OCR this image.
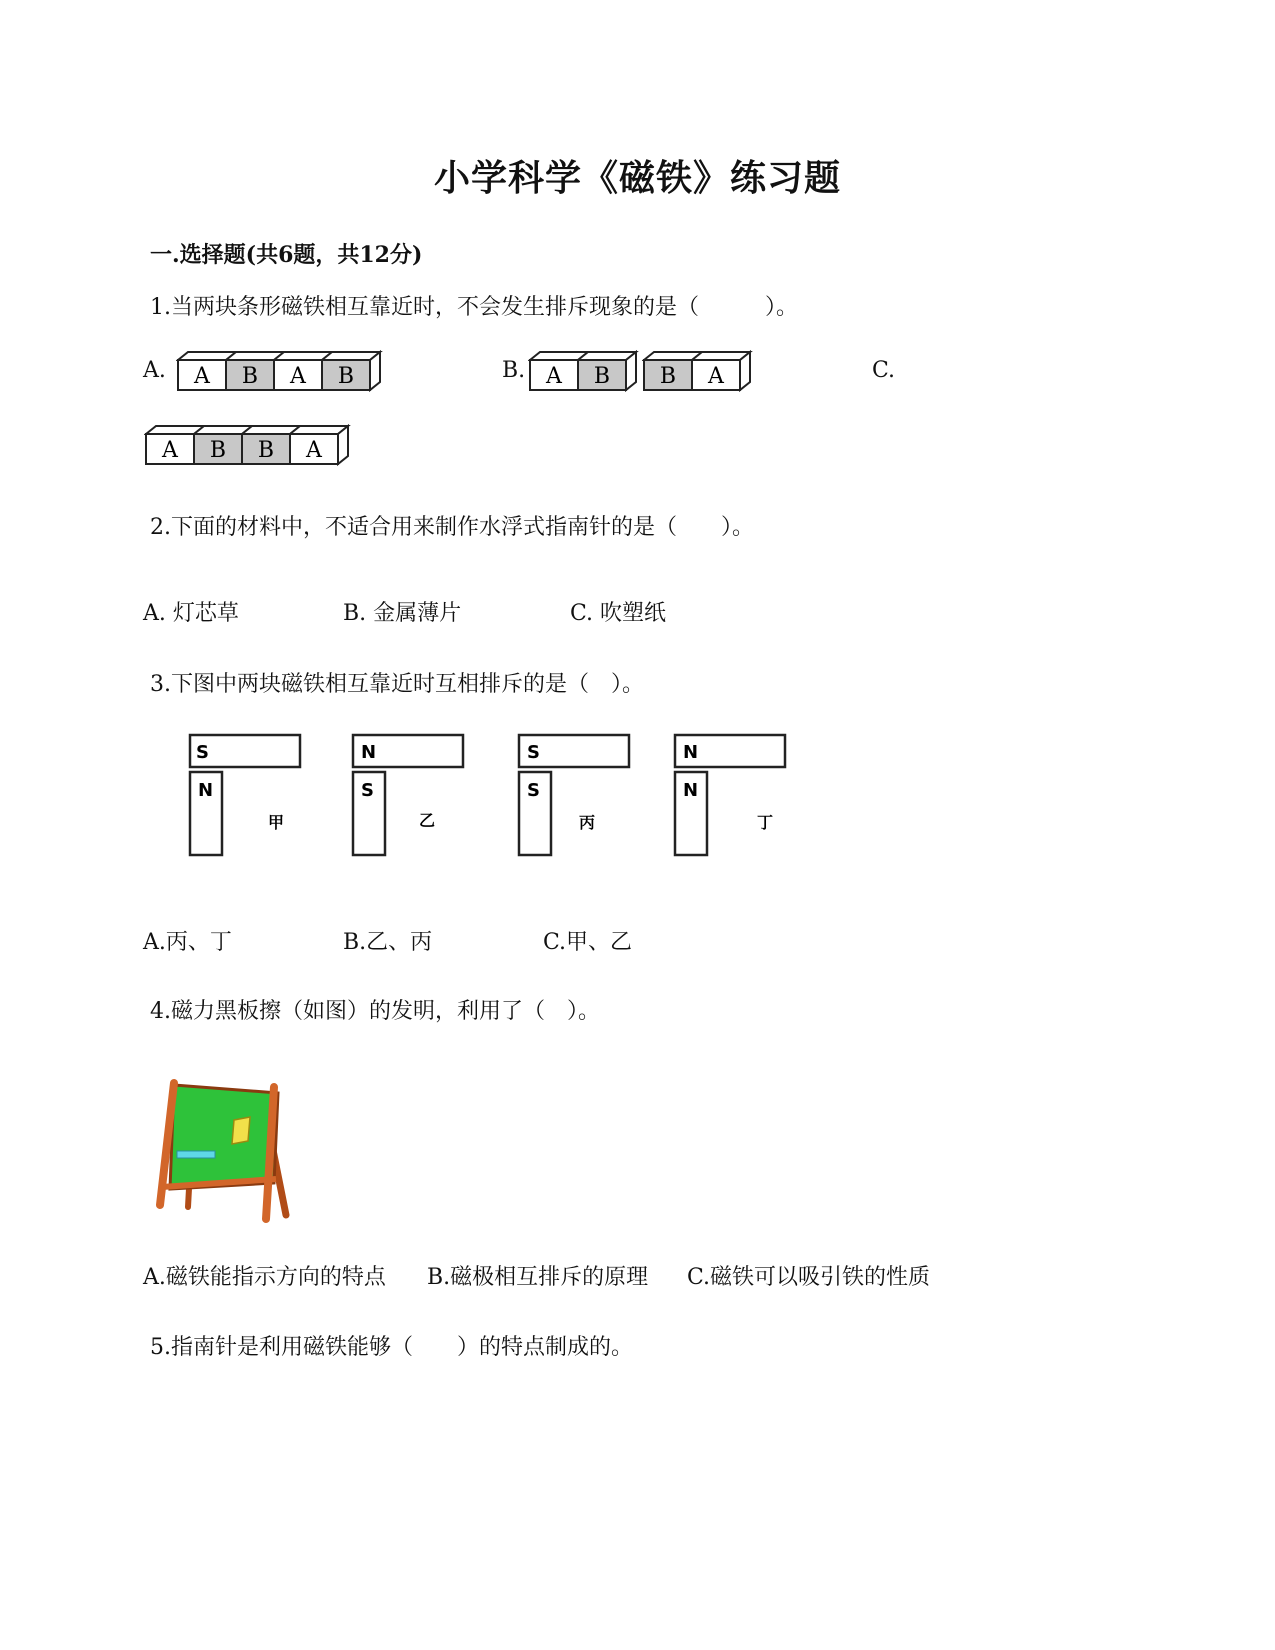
小学科学《磁铁》练习题
一.选择题(共6题，共12分)
1.当两块条形磁铁相互靠近时，不会发生排斥现象的是（　　　）。
A. A B A B	B. A B B A	C.
A B B A
2.下面的材料中，不适合用来制作水浮式指南针的是（　　）。
A. 灯芯草	B. 金属薄片	C. 吹塑纸
3.下图中两块磁铁相互靠近时互相排斥的是（　）。
S
N
甲
N
S
乙
S
S
丙
N
N
丁
A.丙、丁	B.乙、丙	C.甲、乙
4.磁力黑板擦（如图）的发明，利用了（　）。
A.磁铁能指示方向的特点 B.磁极相互排斥的原理 C.磁铁可以吸引铁的性质
5.指南针是利用磁铁能够（　　）的特点制成的。
